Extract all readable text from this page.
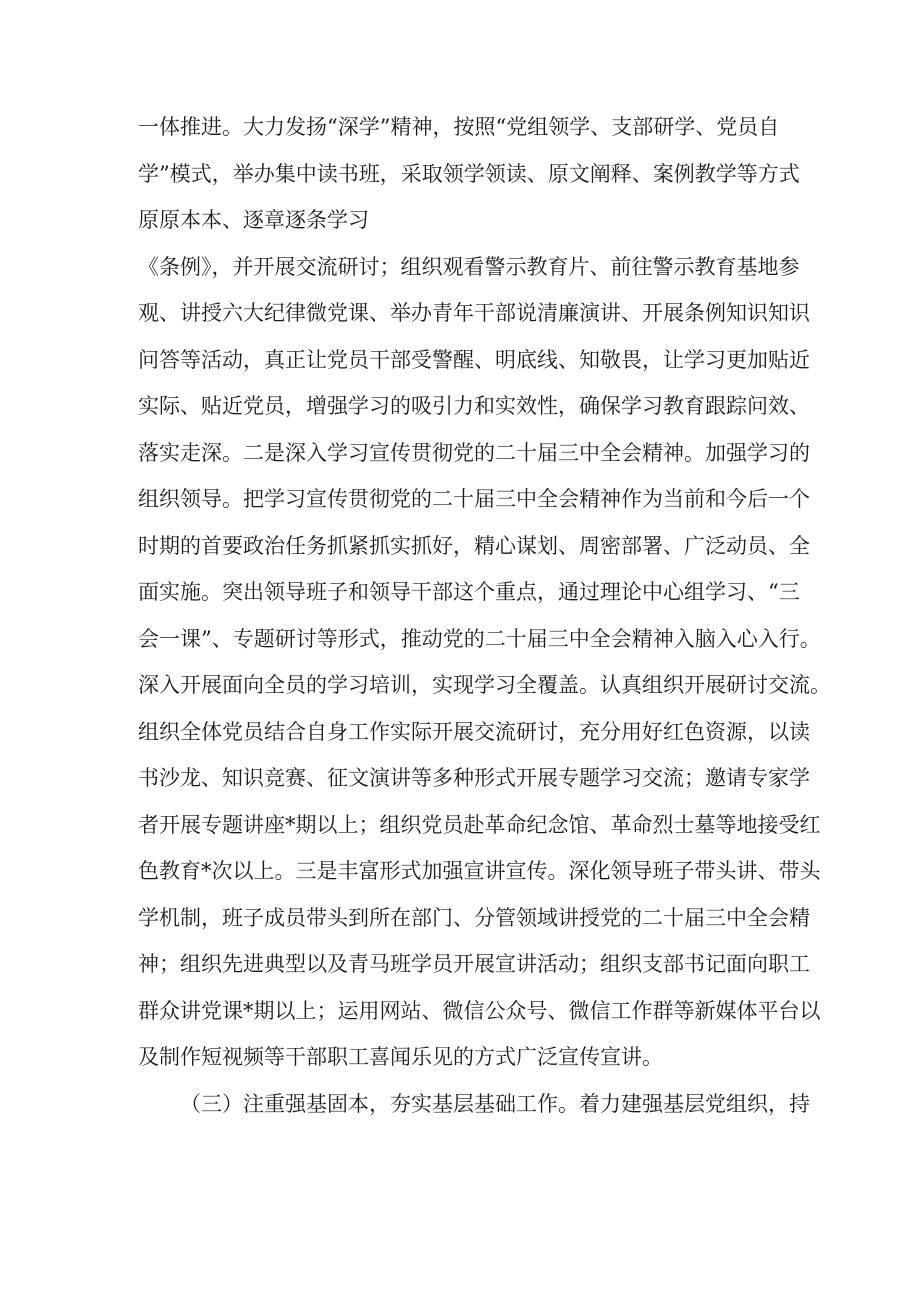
一体推进。大力发扬“深学”精神，按照“党组领学、支部研学、党员自
学”模式，举办集中读书班，采取领学领读、原文阐释、案例教学等方式
原原本本、逐章逐条学习
《条例》，并开展交流研讨；组织观看警示教育片、前往警示教育基地参
观、讲授六大纪律微党课、举办青年干部说清廉演讲、开展条例知识知识
问答等活动，真正让党员干部受警醒、明底线、知敬畏，让学习更加贴近
实际、贴近党员，增强学习的吸引力和实效性，确保学习教育跟踪问效、
落实走深。二是深入学习宣传贯彻党的二十届三中全会精神。加强学习的
组织领导。把学习宣传贯彻党的二十届三中全会精神作为当前和今后一个
时期的首要政治任务抓紧抓实抓好，精心谋划、周密部署、广泛动员、全
面实施。突出领导班子和领导干部这个重点，通过理论中心组学习、“三
会一课”、专题研讨等形式，推动党的二十届三中全会精神入脑入心入行。
深入开展面向全员的学习培训，实现学习全覆盖。认真组织开展研讨交流。
组织全体党员结合自身工作实际开展交流研讨，充分用好红色资源，以读
书沙龙、知识竞赛、征文演讲等多种形式开展专题学习交流；邀请专家学
者开展专题讲座*期以上；组织党员赴革命纪念馆、革命烈士墓等地接受红
色教育*次以上。三是丰富形式加强宣讲宣传。深化领导班子带头讲、带头
学机制，班子成员带头到所在部门、分管领域讲授党的二十届三中全会精
神；组织先进典型以及青马班学员开展宣讲活动；组织支部书记面向职工
群众讲党课*期以上；运用网站、微信公众号、微信工作群等新媒体平台以
及制作短视频等干部职工喜闻乐见的方式广泛宣传宣讲。
（三）注重强基固本，夯实基层基础工作。着力建强基层党组织，持
